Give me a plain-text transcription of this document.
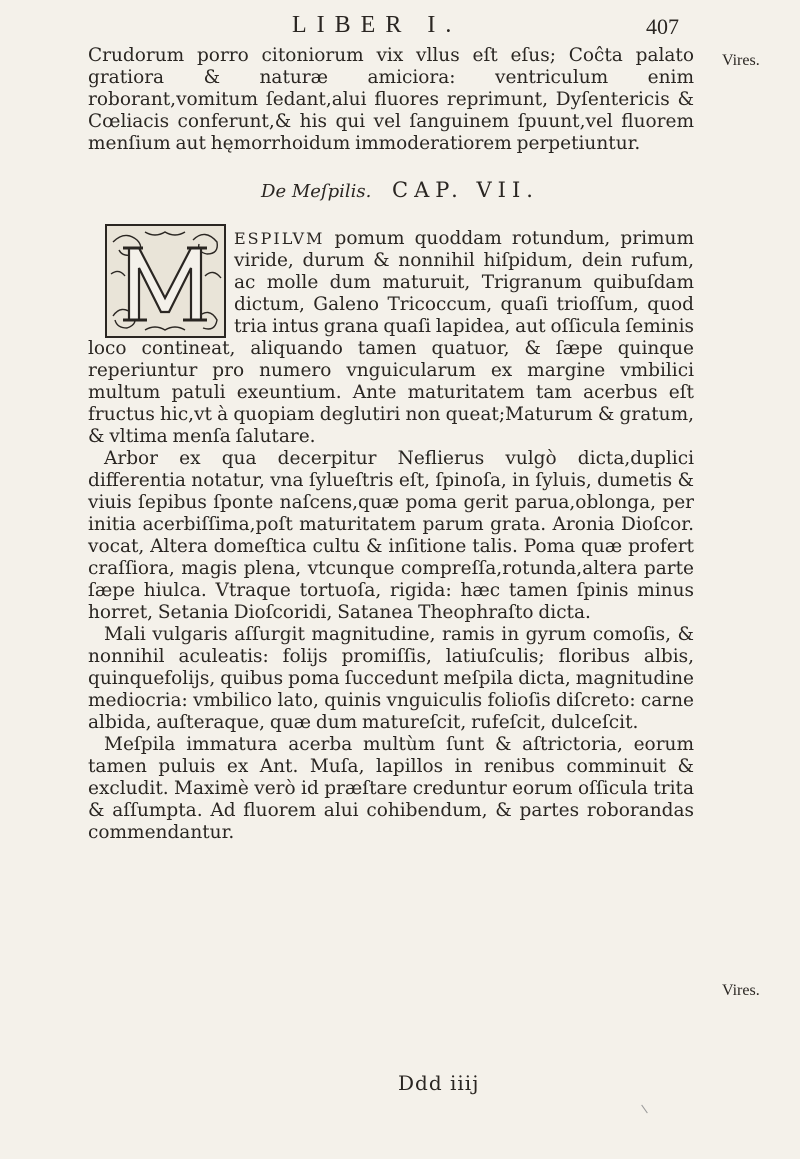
LIBER I.	407
Vires.

Crudorum porro citoniorum vix vllus eſt eſus; Coĉta palato gratiora & naturæ amiciora: ventriculum enim roborant,vomitum ſedant,alui fluores reprimunt, Dyſentericis & Cœliacis conferunt,& his qui vel ſanguinem ſpuunt,vel fluorem menſium aut hęmorrhoidum immoderatiorem perpetiuntur.

De Meſpilis. CAP. VII.

ESPILVM pomum quoddam rotundum, primum viride, durum & nonnihil hiſpidum, dein rufum, ac molle dum maturuit, Trigranum quibuſdam dictum, Galeno Tricoccum, quaſi trioſſum, quod tria intus grana quaſi lapidea, aut oſſicula ſeminis loco contineat, aliquando tamen quatuor, & ſæpe quinque reperiuntur pro numero vnguicularum ex margine vmbilici multum patuli exeuntium. Ante maturitatem tam acerbus eſt fructus hic,vt à quopiam deglutiri non queat;Maturum & gratum, & vltima menſa ſalutare.

Arbor ex qua decerpitur Neflierus vulgò dicta,duplici differentia notatur, vna ſylueſtris eſt, ſpinoſa, in ſyluis, dumetis & viuis ſepibus ſponte naſcens,quæ poma gerit parua,oblonga, per initia acerbiſſima,poſt maturitatem parum grata. Aronia Dioſcor. vocat, Altera domeſtica cultu & inſitione talis. Poma quæ profert craſſiora, magis plena, vtcunque compreſſa,rotunda,altera parte ſæpe hiulca. Vtraque tortuoſa, rigida: hæc tamen ſpinis minus horret, Setania Dioſcoridi, Sataneа Theophraſto dicta.

Mali vulgaris aſſurgit magnitudine, ramis in gyrum comoſis, & nonnihil aculeatis: folijs promiſſis, latiuſculis; floribus albis, quinquefolijs, quibus poma ſuccedunt meſpila dicta, magnitudine mediocria: vmbilico lato, quinis vnguiculis folioſis diſcreto: carne albida, auſteraque, quæ dum matureſcit, rufeſcit, dulceſcit.

Meſpila immatura acerba multùm ſunt & aſtrictoria, eorum tamen puluis ex Ant. Muſa, lapillos in renibus comminuit & excludit. Maximè verò id præſtare creduntur eorum oſſicula trita & aſſumpta. Ad fluorem alui cohibendum, & partes roborandas commendantur.

Vires.
Ddd iiij
